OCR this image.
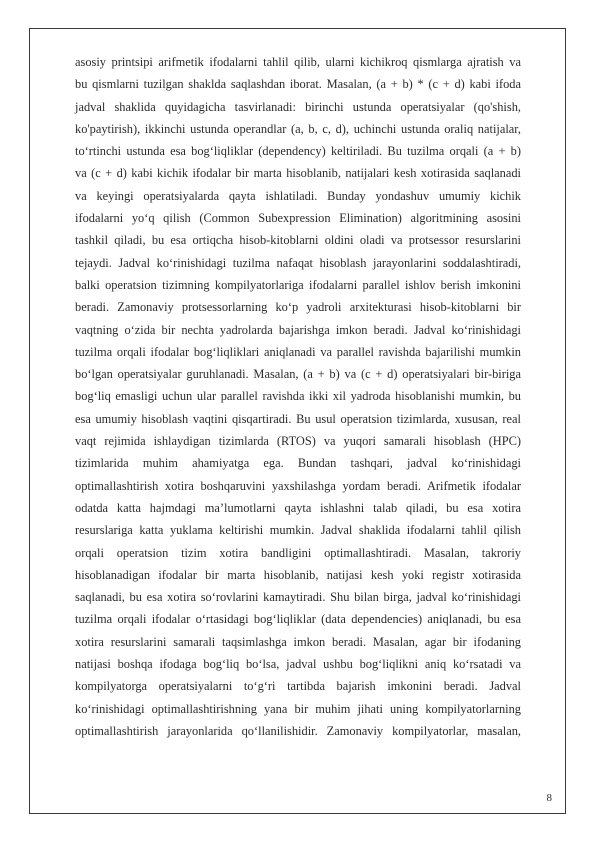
asosiy printsipi arifmetik ifodalarni tahlil qilib, ularni kichikroq qismlarga ajratish va
bu qismlarni tuzilgan shaklda saqlashdan iborat. Masalan, (a + b) * (c + d) kabi ifoda
jadval shaklida quyidagicha tasvirlanadi: birinchi ustunda operatsiyalar (qo'shish,
ko'paytirish), ikkinchi ustunda operandlar (a, b, c, d), uchinchi ustunda oraliq natijalar,
to‘rtinchi ustunda esa bog‘liqliklar (dependency) keltiriladi. Bu tuzilma orqali (a + b)
va (c + d) kabi kichik ifodalar bir marta hisoblanib, natijalari kesh xotirasida saqlanadi
va keyingi operatsiyalarda qayta ishlatiladi. Bunday yondashuv umumiy kichik
ifodalarni yo‘q qilish (Common Subexpression Elimination) algoritmining asosini
tashkil qiladi, bu esa ortiqcha hisob-kitoblarni oldini oladi va protsessor resurslarini
tejaydi. Jadval ko‘rinishidagi tuzilma nafaqat hisoblash jarayonlarini soddalashtiradi,
balki operatsion tizimning kompilyatorlariga ifodalarni parallel ishlov berish imkonini
beradi. Zamonaviy protsessorlarning ko‘p yadroli arxitekturasi hisob-kitoblarni bir
vaqtning o‘zida bir nechta yadrolarda bajarishga imkon beradi. Jadval ko‘rinishidagi
tuzilma orqali ifodalar bog‘liqliklari aniqlanadi va parallel ravishda bajarilishi mumkin
bo‘lgan operatsiyalar guruhlanadi. Masalan, (a + b) va (c + d) operatsiyalari bir-biriga
bog‘liq emasligi uchun ular parallel ravishda ikki xil yadroda hisoblanishi mumkin, bu
esa umumiy hisoblash vaqtini qisqartiradi. Bu usul operatsion tizimlarda, xususan, real
vaqt rejimida ishlaydigan tizimlarda (RTOS) va yuqori samarali hisoblash (HPC)
tizimlarida muhim ahamiyatga ega. Bundan tashqari, jadval ko‘rinishidagi
optimallashtirish xotira boshqaruvini yaxshilashga yordam beradi. Arifmetik ifodalar
odatda katta hajmdagi ma’lumotlarni qayta ishlashni talab qiladi, bu esa xotira
resurslariga katta yuklama keltirishi mumkin. Jadval shaklida ifodalarni tahlil qilish
orqali operatsion tizim xotira bandligini optimallashtiradi. Masalan, takroriy
hisoblanadigan ifodalar bir marta hisoblanib, natijasi kesh yoki registr xotirasida
saqlanadi, bu esa xotira so‘rovlarini kamaytiradi. Shu bilan birga, jadval ko‘rinishidagi
tuzilma orqali ifodalar o‘rtasidagi bog‘liqliklar (data dependencies) aniqlanadi, bu esa
xotira resurslarini samarali taqsimlashga imkon beradi. Masalan, agar bir ifodaning
natijasi boshqa ifodaga bog‘liq bo‘lsa, jadval ushbu bog‘liqlikni aniq ko‘rsatadi va
kompilyatorga operatsiyalarni to‘g‘ri tartibda bajarish imkonini beradi. Jadval
ko‘rinishidagi optimallashtirishning yana bir muhim jihati uning kompilyatorlarning
optimallashtirish jarayonlarida qo‘llanilishidir. Zamonaviy kompilyatorlar, masalan,
8
